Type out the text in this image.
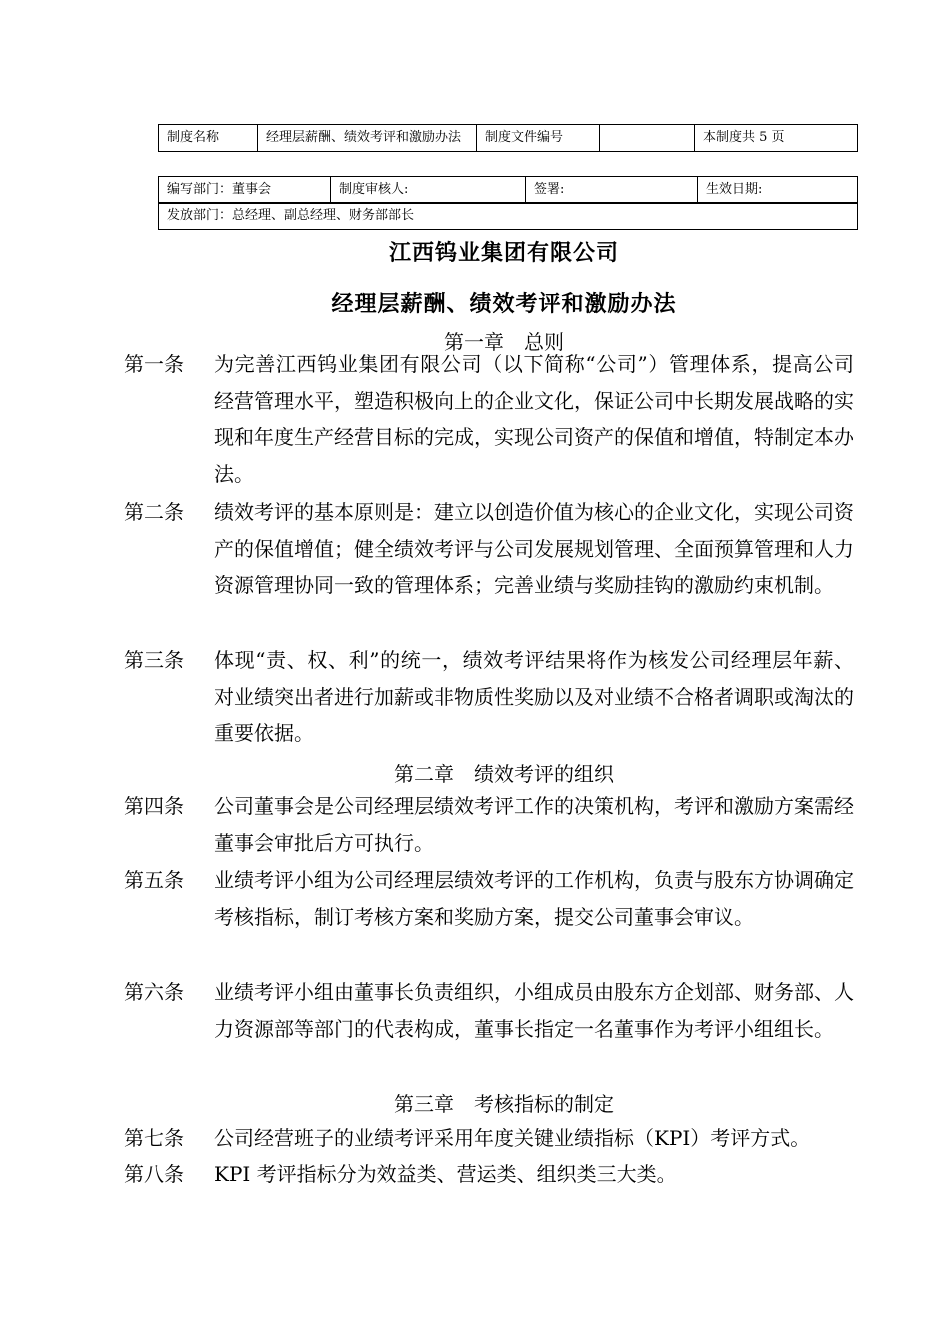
制度名称	经理层薪酬、绩效考评和激励办法	制度文件编号		本制度共 5 页
编写部门：董事会	制度审核人:	签署:	生效日期:
发放部门：总经理、副总经理、财务部部长
江西钨业集团有限公司
经理层薪酬、绩效考评和激励办法
第一章　总则
第一条	为完善江西钨业集团有限公司（以下简称“公司”）管理体系，提高公司经营管理水平，塑造积极向上的企业文化，保证公司中长期发展战略的实现和年度生产经营目标的完成，实现公司资产的保值和增值，特制定本办法。
第二条	绩效考评的基本原则是：建立以创造价值为核心的企业文化，实现公司资产的保值增值；健全绩效考评与公司发展规划管理、全面预算管理和人力资源管理协同一致的管理体系；完善业绩与奖励挂钩的激励约束机制。
第三条	体现“责、权、利”的统一，绩效考评结果将作为核发公司经理层年薪、对业绩突出者进行加薪或非物质性奖励以及对业绩不合格者调职或淘汰的重要依据。
第二章　绩效考评的组织
第四条	公司董事会是公司经理层绩效考评工作的决策机构，考评和激励方案需经董事会审批后方可执行。
第五条	业绩考评小组为公司经理层绩效考评的工作机构，负责与股东方协调确定考核指标，制订考核方案和奖励方案，提交公司董事会审议。
第六条	业绩考评小组由董事长负责组织，小组成员由股东方企划部、财务部、人力资源部等部门的代表构成，董事长指定一名董事作为考评小组组长。
第三章　考核指标的制定
第七条	公司经营班子的业绩考评采用年度关键业绩指标（KPI）考评方式。
第八条	KPI 考评指标分为效益类、营运类、组织类三大类。
